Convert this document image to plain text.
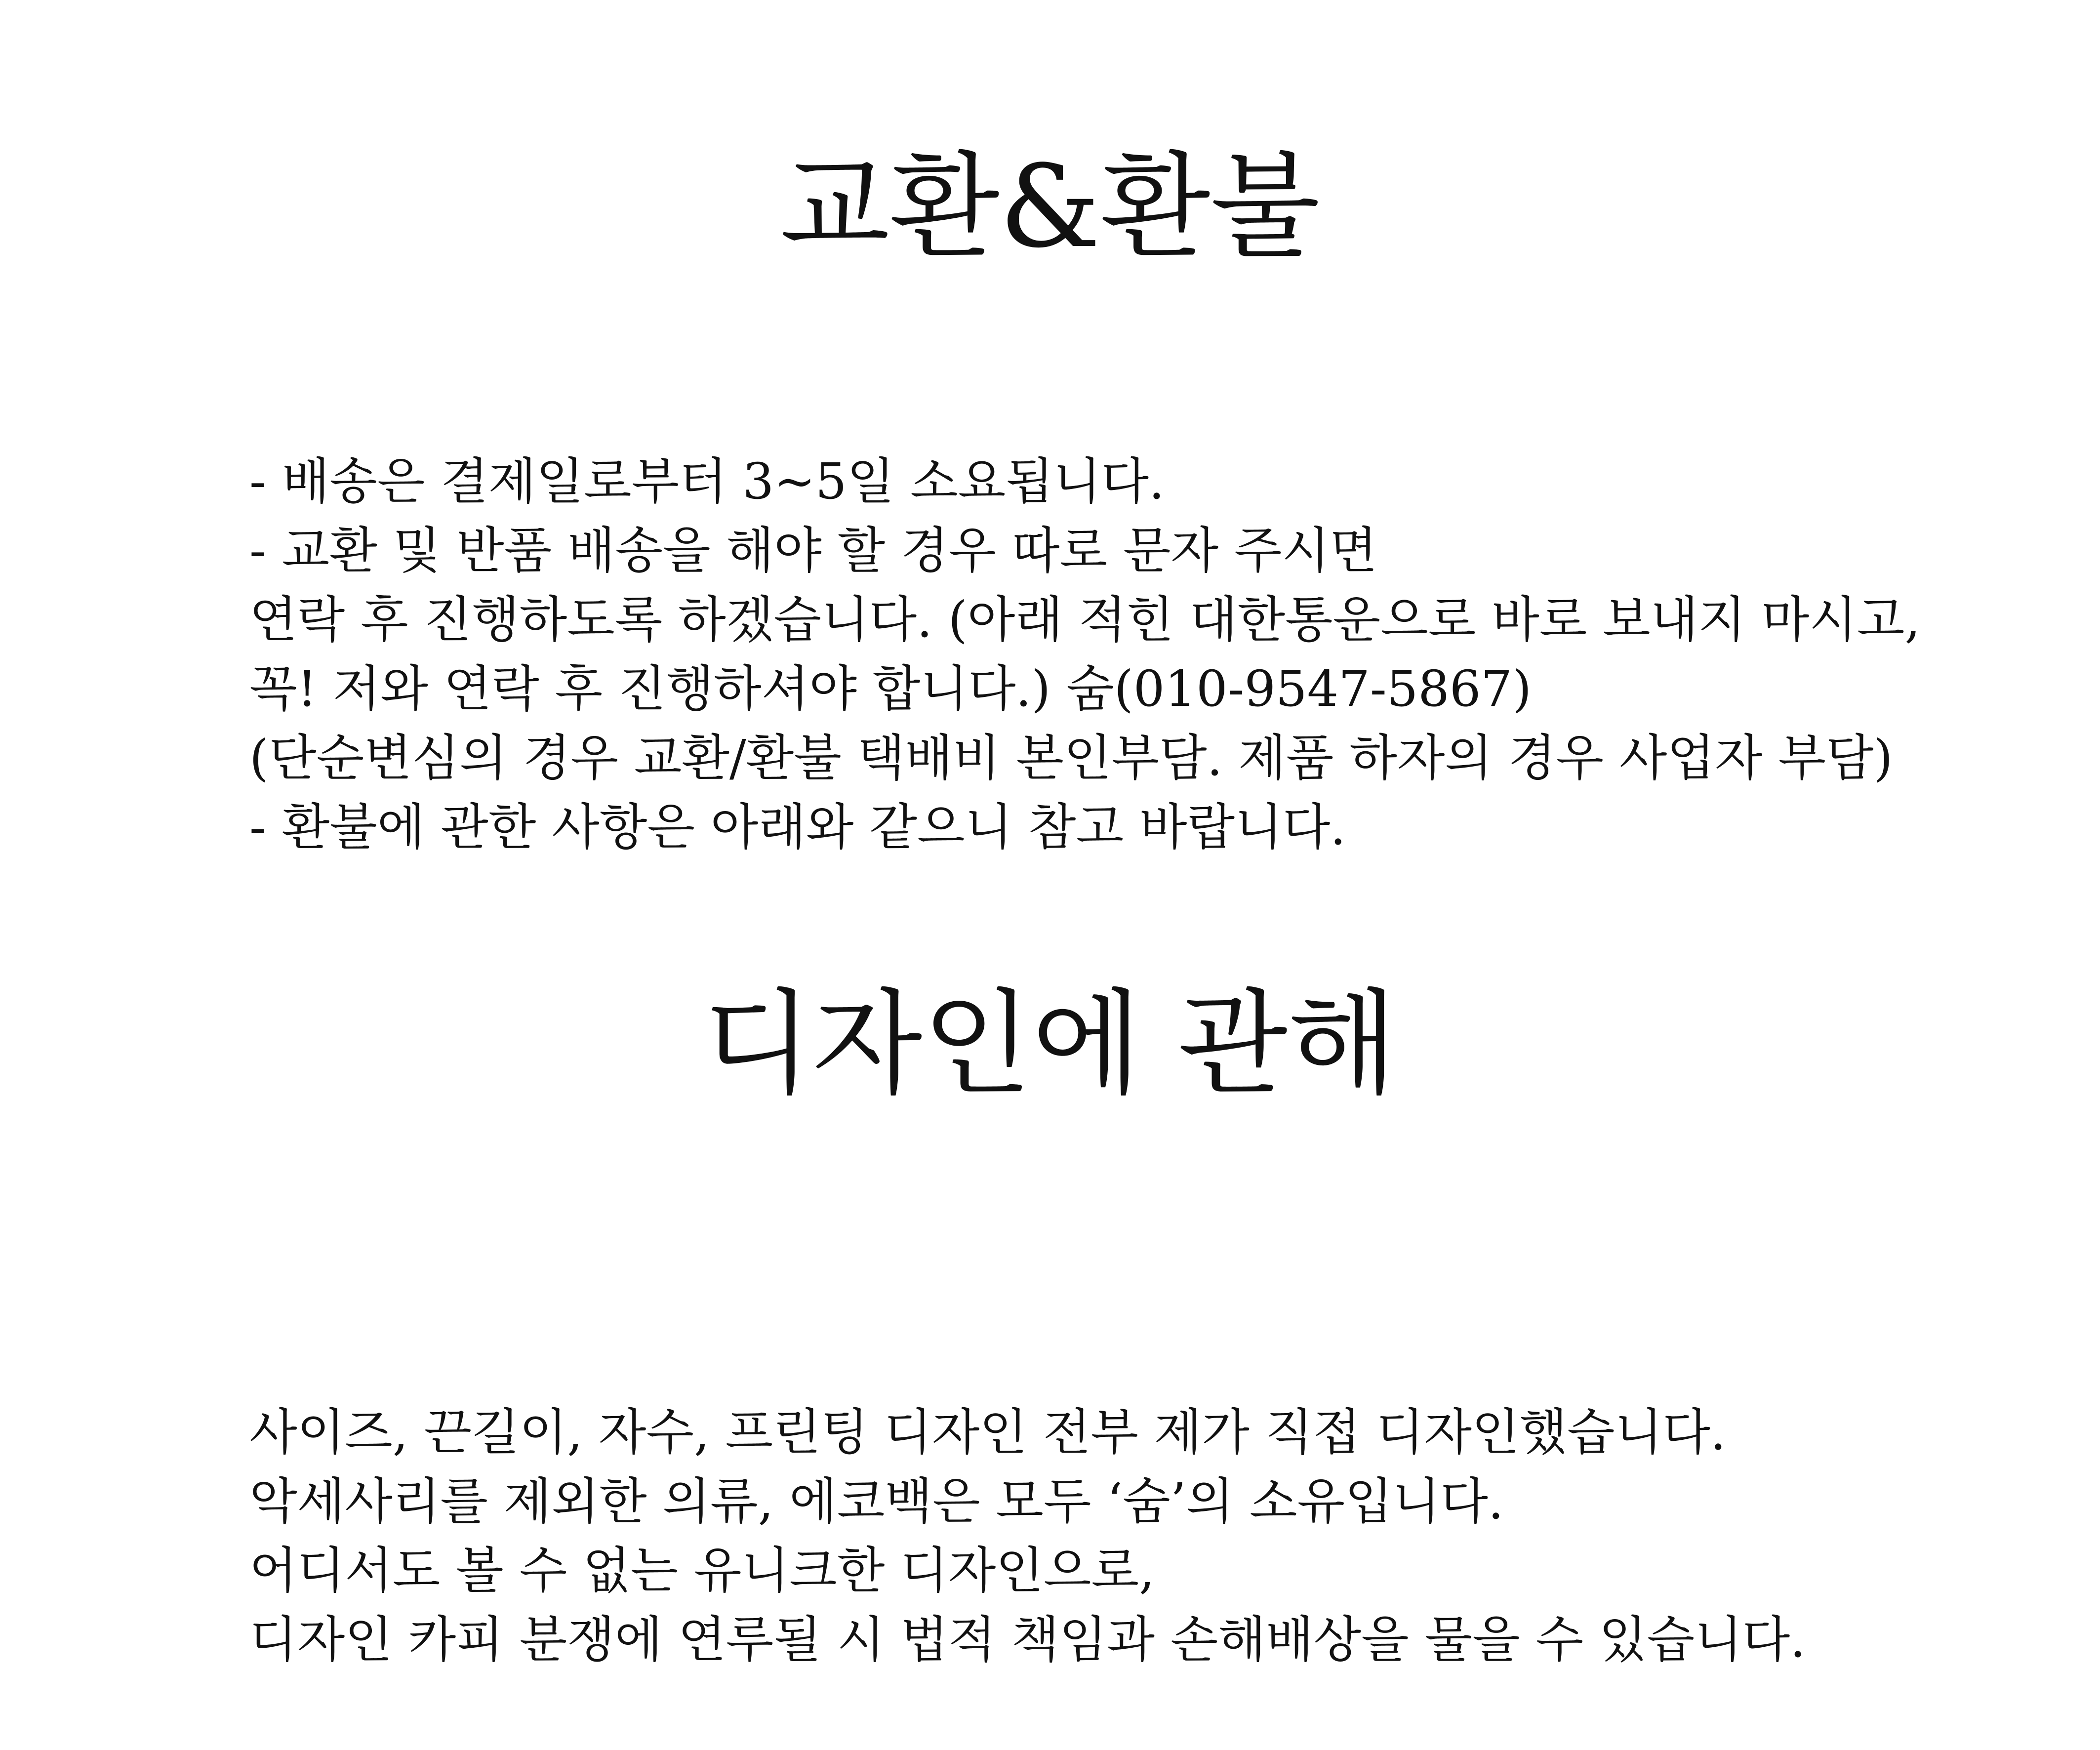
교환&환불
- 배송은 결제일로부터 3~5일 소요됩니다.
- 교환 및 반품 배송을 해야 할 경우 따로 문자 주시면
연락 후 진행하도록 하겠습니다. (아래 적힌 대한통운으로 바로 보내지 마시고,
꼭! 저와 연락 후 진행하셔야 합니다.) 숨(010-9547-5867)
(단순변심의 경우 교환/환불 택배비 본인부담. 제품 하자의 경우 사업자 부담)
- 환불에 관한 사항은 아래와 같으니 참고 바랍니다.
디자인에 관해
사이즈, 끈길이, 자수, 프린팅 디자인 전부 제가 직접 디자인했습니다.
악세사리를 제외한 의류, 에코백은 모두 ‘숨’의 소유입니다.
어디서도 볼 수 없는 유니크한 디자인으로,
디자인 카피 분쟁에 연루될 시 법적 책임과 손해배상을 물을 수 있습니다.
